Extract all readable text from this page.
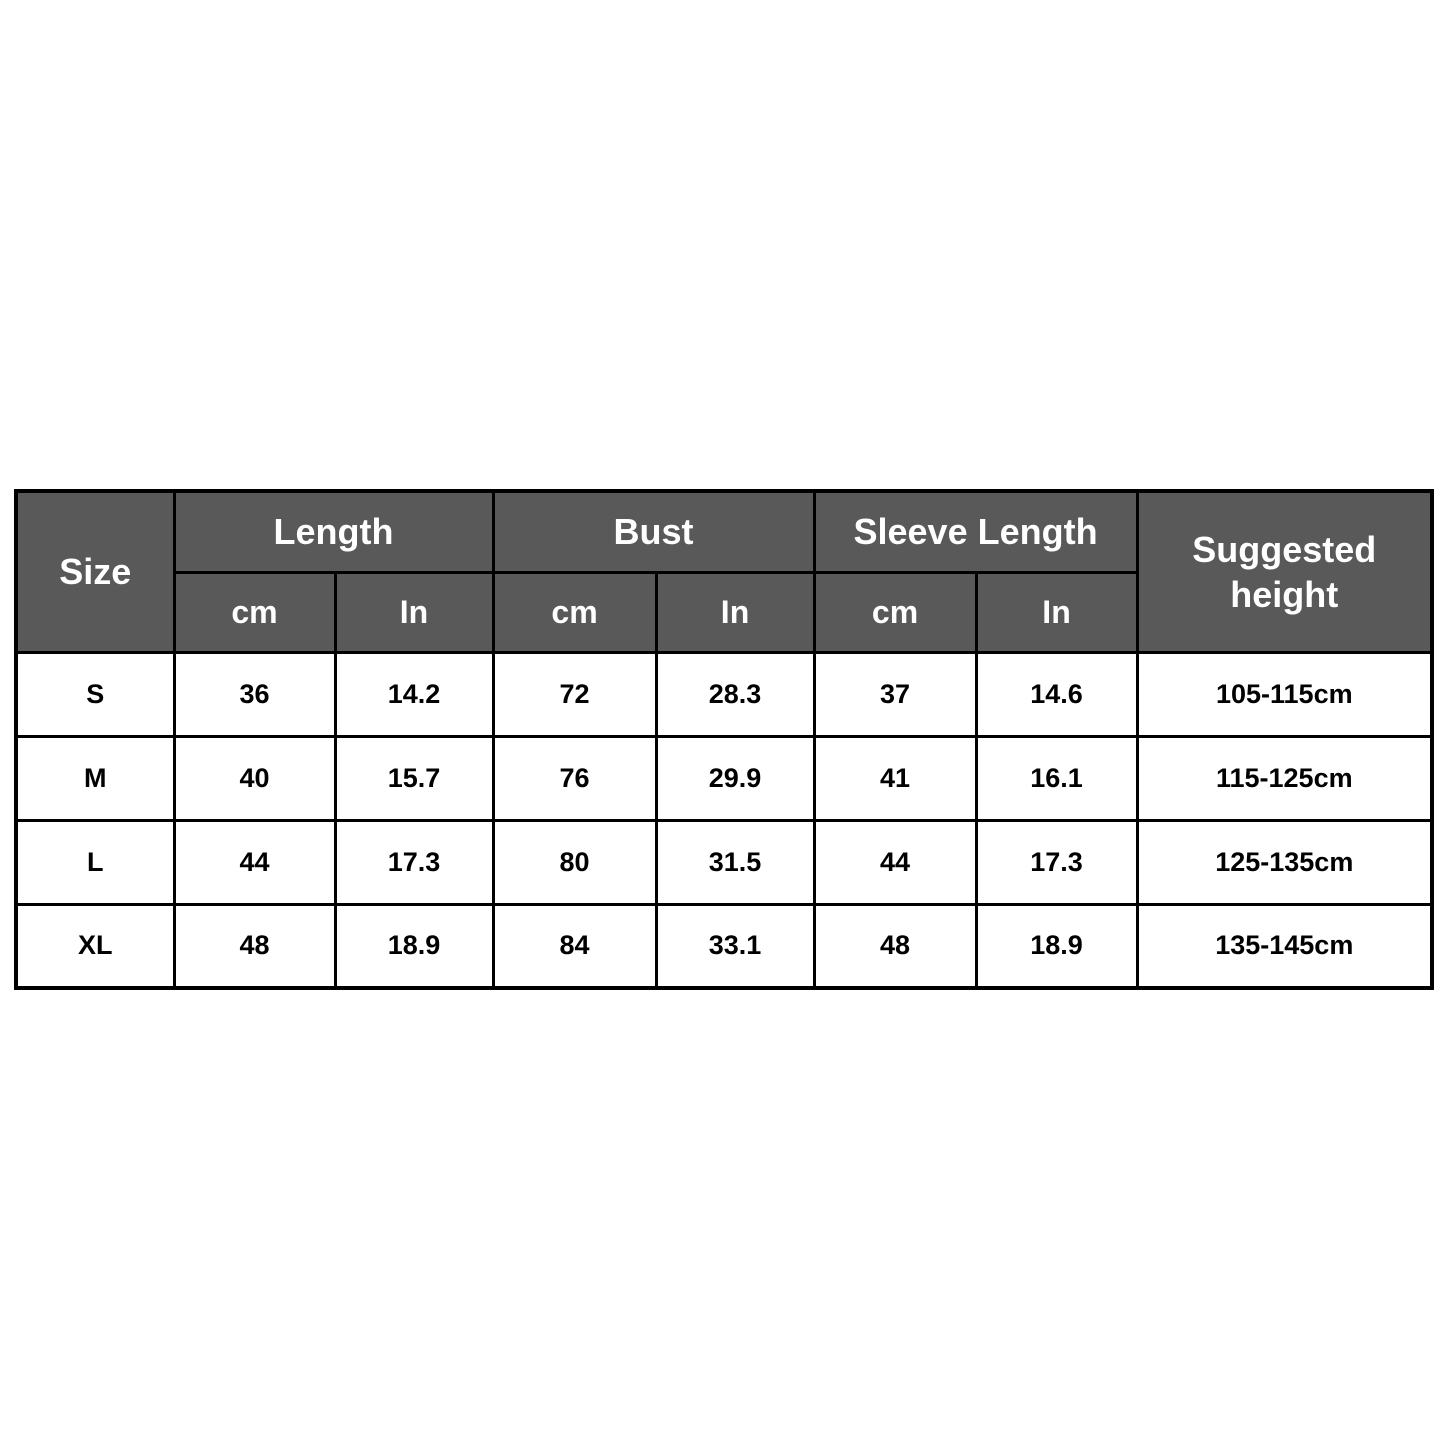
Size	Length		Bust		Sleeve Length		Suggested height
	cm	In	cm	In	cm	In	
S	36	14.2	72	28.3	37	14.6	105-115cm
M	40	15.7	76	29.9	41	16.1	115-125cm
L	44	17.3	80	31.5	44	17.3	125-135cm
XL	48	18.9	84	33.1	48	18.9	135-145cm
